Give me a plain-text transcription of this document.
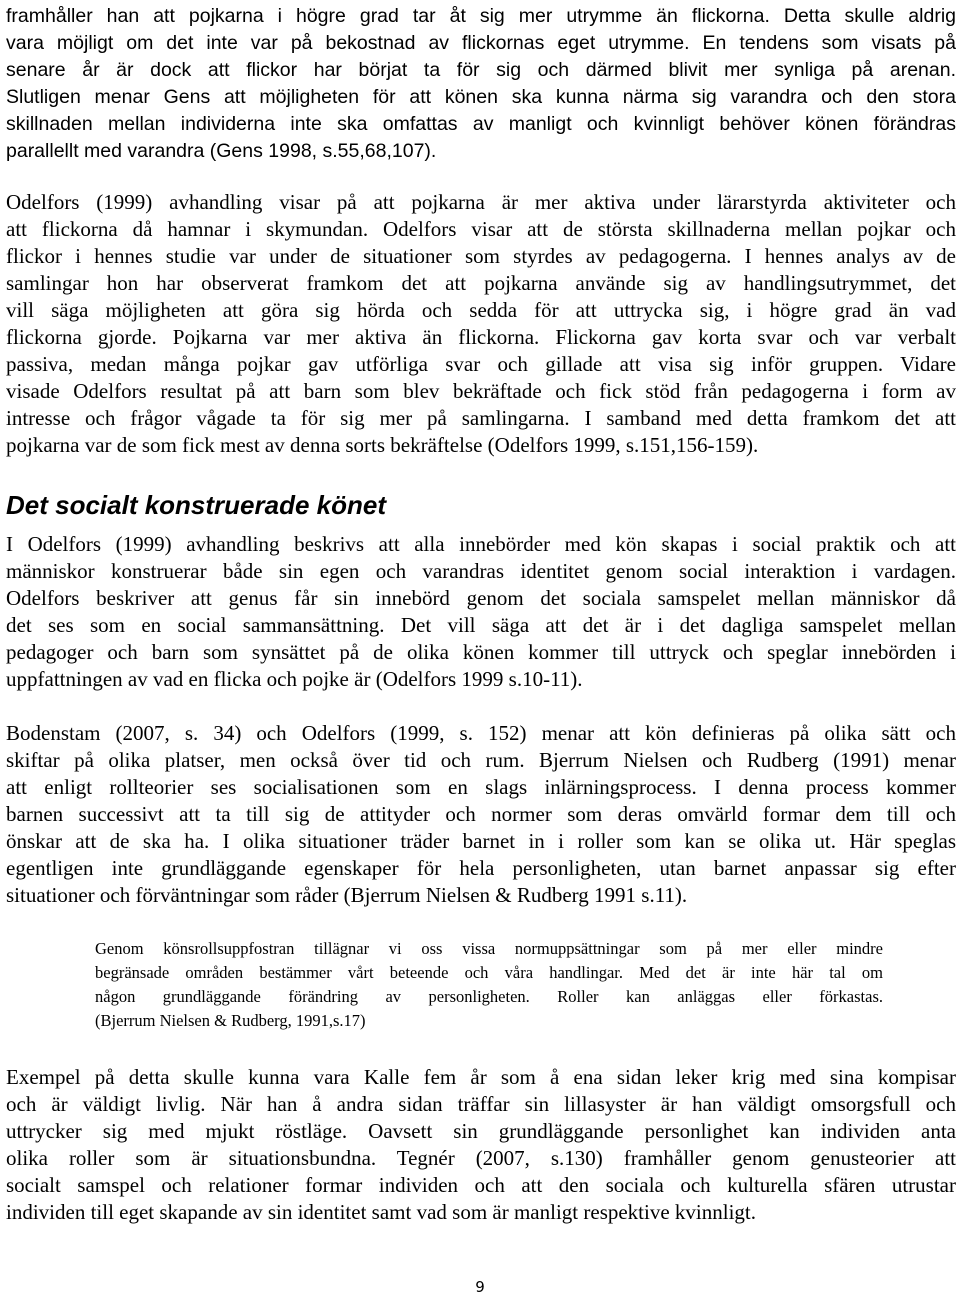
framhåller han att pojkarna i högre grad tar åt sig mer utrymme än flickorna. Detta skulle aldrig
vara möjligt om det inte var på bekostnad av flickornas eget utrymme. En tendens som visats på
senare år är dock att flickor har börjat ta för sig och därmed blivit mer synliga på arenan.
Slutligen menar Gens att möjligheten för att könen ska kunna närma sig varandra och den stora
skillnaden mellan individerna inte ska omfattas av manligt och kvinnligt behöver könen förändras
parallellt med varandra (Gens 1998, s.55,68,107).
Odelfors (1999) avhandling visar på att pojkarna är mer aktiva under lärarstyrda aktiviteter och
att flickorna då hamnar i skymundan. Odelfors visar att de största skillnaderna mellan pojkar och
flickor i hennes studie var under de situationer som styrdes av pedagogerna. I hennes analys av de
samlingar hon har observerat framkom det att pojkarna använde sig av handlingsutrymmet, det
vill säga möjligheten att göra sig hörda och sedda för att uttrycka sig, i högre grad än vad
flickorna gjorde. Pojkarna var mer aktiva än flickorna. Flickorna gav korta svar och var verbalt
passiva, medan många pojkar gav utförliga svar och gillade att visa sig inför gruppen. Vidare
visade Odelfors resultat på att barn som blev bekräftade och fick stöd från pedagogerna i form av
intresse och frågor vågade ta för sig mer på samlingarna. I samband med detta framkom det att
pojkarna var de som fick mest av denna sorts bekräftelse (Odelfors 1999, s.151,156-159).
Det socialt konstruerade könet
I Odelfors (1999) avhandling beskrivs att alla innebörder med kön skapas i social praktik och att
människor konstruerar både sin egen och varandras identitet genom social interaktion i vardagen.
Odelfors beskriver att genus får sin innebörd genom det sociala samspelet mellan människor då
det ses som en social sammansättning. Det vill säga att det är i det dagliga samspelet mellan
pedagoger och barn som synsättet på de olika könen kommer till uttryck och speglar innebörden i
uppfattningen av vad en flicka och pojke är (Odelfors 1999 s.10-11).
Bodenstam (2007, s. 34) och Odelfors (1999, s. 152) menar att kön definieras på olika sätt och
skiftar på olika platser, men också över tid och rum. Bjerrum Nielsen och Rudberg (1991) menar
att enligt rollteorier ses socialisationen som en slags inlärningsprocess. I denna process kommer
barnen successivt att ta till sig de attityder och normer som deras omvärld formar dem till och
önskar att de ska ha. I olika situationer träder barnet in i roller som kan se olika ut. Här speglas
egentligen inte grundläggande egenskaper för hela personligheten, utan barnet anpassar sig efter
situationer och förväntningar som råder (Bjerrum Nielsen & Rudberg 1991 s.11).
Genom könsrollsuppfostran tillägnar vi oss vissa normuppsättningar som på mer eller mindre
begränsade områden bestämmer vårt beteende och våra handlingar. Med det är inte här tal om
någon grundläggande förändring av personligheten. Roller kan anläggas eller förkastas.
(Bjerrum Nielsen & Rudberg, 1991,s.17)
Exempel på detta skulle kunna vara Kalle fem år som å ena sidan leker krig med sina kompisar
och är väldigt livlig. När han å andra sidan träffar sin lillasyster är han väldigt omsorgsfull och
uttrycker sig med mjukt röstläge. Oavsett sin grundläggande personlighet kan individen anta
olika roller som är situationsbundna. Tegnér (2007, s.130) framhåller genom genusteorier att
socialt samspel och relationer formar individen och att den sociala och kulturella sfären utrustar
individen till eget skapande av sin identitet samt vad som är manligt respektive kvinnligt.
9
